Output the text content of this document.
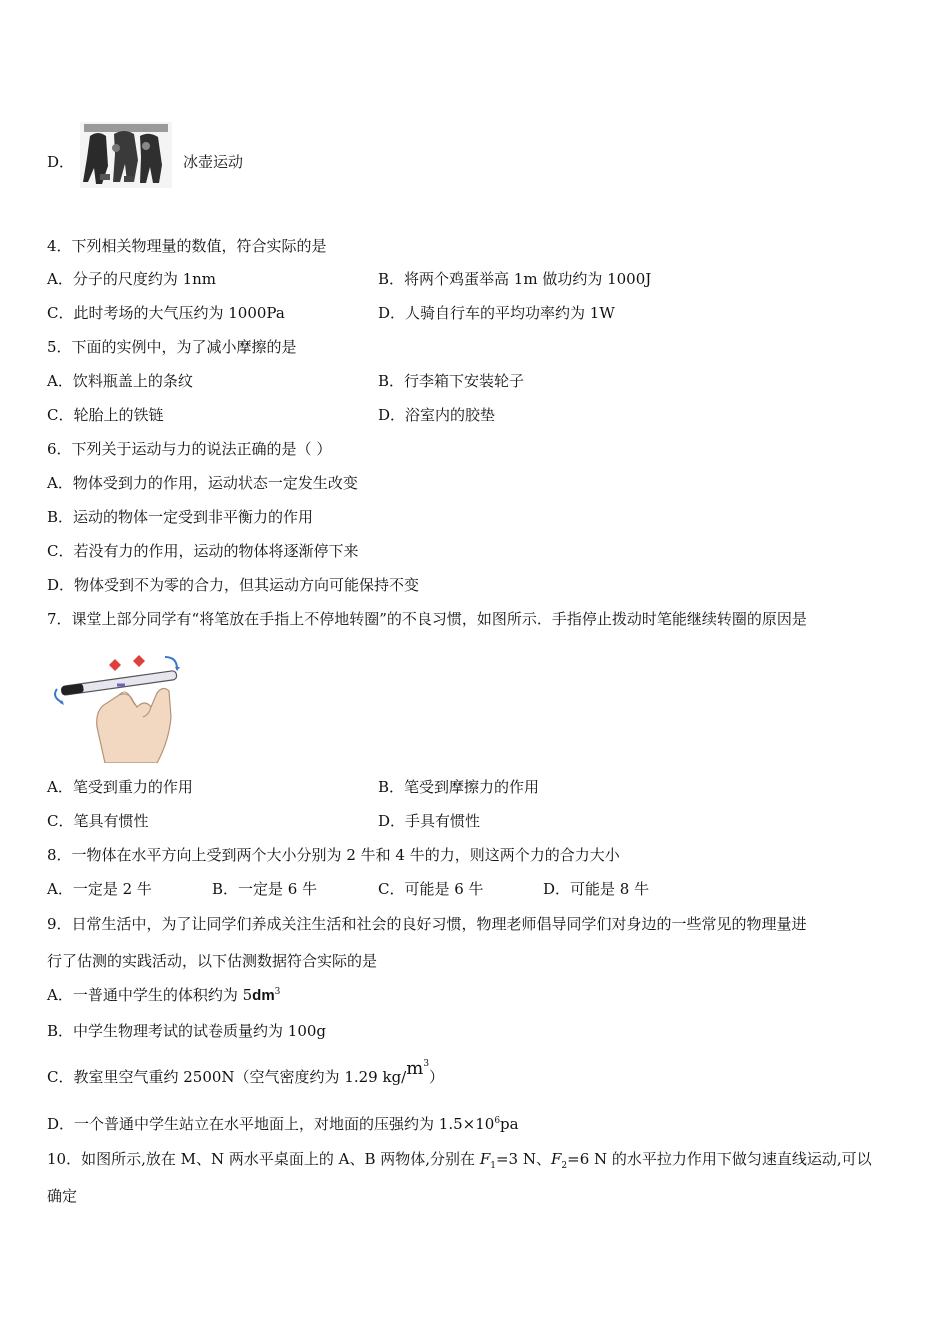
D．	冰壶运动
4．下列相关物理量的数值，符合实际的是
A．分子的尺度约为 1nm	B．将两个鸡蛋举高 1m 做功约为 1000J
C．此时考场的大气压约为 1000Pa	D．人骑自行车的平均功率约为 1W
5．下面的实例中，为了减小摩擦的是
A．饮料瓶盖上的条纹	B．行李箱下安装轮子
C．轮胎上的铁链	D．浴室内的胶垫
6．下列关于运动与力的说法正确的是（ ）
A．物体受到力的作用，运动状态一定发生改变
B．运动的物体一定受到非平衡力的作用
C．若没有力的作用，运动的物体将逐渐停下来
D．物体受到不为零的合力，但其运动方向可能保持不变
7．课堂上部分同学有“将笔放在手指上不停地转圈”的不良习惯，如图所示．手指停止拨动时笔能继续转圈的原因是
A．笔受到重力的作用	B．笔受到摩擦力的作用
C．笔具有惯性	D．手具有惯性
8．一物体在水平方向上受到两个大小分别为 2 牛和 4 牛的力，则这两个力的合力大小
A．一定是 2 牛	B．一定是 6 牛	C．可能是 6 牛	D．可能是 8 牛
9．日常生活中，为了让同学们养成关注生活和社会的良好习惯，物理老师倡导同学们对身边的一些常见的物理量进
行了估测的实践活动，以下估测数据符合实际的是
A．一普通中学生的体积约为 $5dm^3$
B．中学生物理考试的试卷质量约为 100g
C．教室里空气重约 2500N（空气密度约为 1.29 $kg/m^3$）
D．一个普通中学生站立在水平地面上，对地面的压强约为 $1.5\times 10^6pa$
10．如图所示,放在 M、N 两水平桌面上的 A、B 两物体,分别在 $F_1=3$ N、$F_2=6$ N 的水平拉力作用下做匀速直线运动,可以
确定
